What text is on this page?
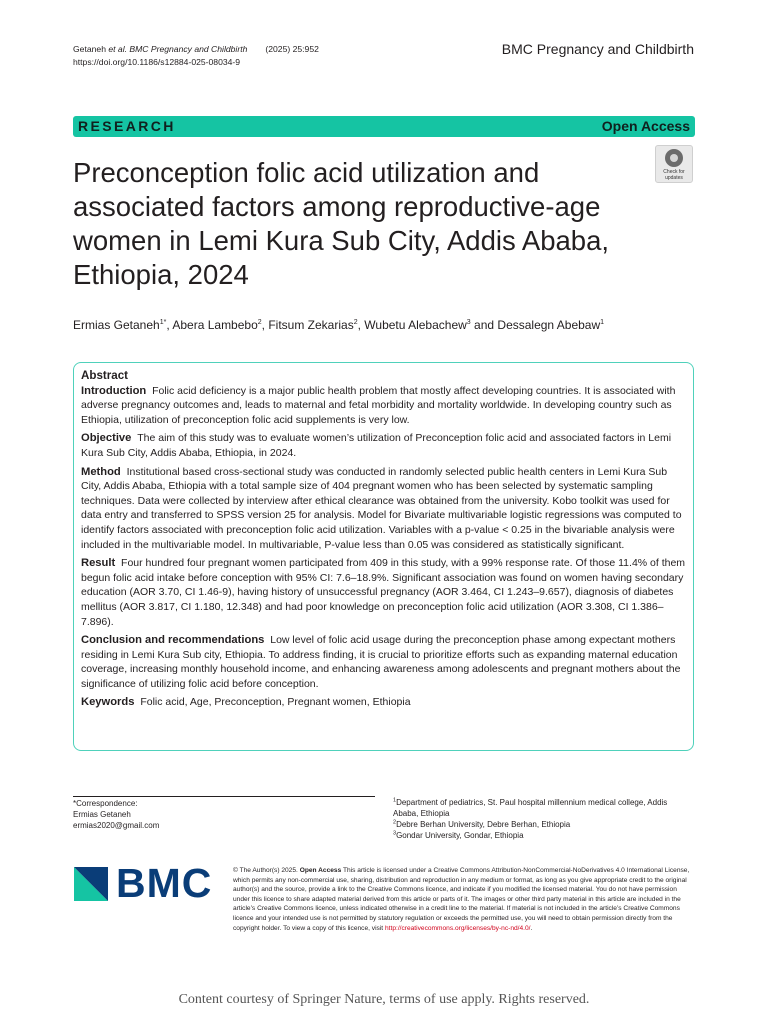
Getaneh et al. BMC Pregnancy and Childbirth (2025) 25:952
https://doi.org/10.1186/s12884-025-08034-9
BMC Pregnancy and Childbirth
RESEARCH	Open Access
Check for
updates
Preconception folic acid utilization and associated factors among reproductive-age women in Lemi Kura Sub City, Addis Ababa, Ethiopia, 2024
Ermias Getaneh$^{1*}$, Abera Lambebo$^2$, Fitsum Zekarias$^2$, Wubetu Alebachew$^3$ and Dessalegn Abebaw$^1$
Abstract

Introduction Folic acid deficiency is a major public health problem that mostly affect developing countries. It is associated with adverse pregnancy outcomes and, leads to maternal and fetal morbidity and mortality worldwide. In developing country such as Ethiopia, utilization of preconception folic acid supplements is very low.

Objective The aim of this study was to evaluate women’s utilization of Preconception folic acid and associated factors in Lemi Kura Sub City, Addis Ababa, Ethiopia, in 2024.

Method Institutional based cross-sectional study was conducted in randomly selected public health centers in Lemi Kura Sub City, Addis Ababa, Ethiopia with a total sample size of 404 pregnant women who has been selected by systematic sampling techniques. Data were collected by interview after ethical clearance was obtained from the university. Kobo toolkit was used for data entry and transferred to SPSS version 25 for analysis. Model for Bivariate multivariable logistic regressions was computed to identify factors associated with preconception folic acid utilization. Variables with a p-value < 0.25 in the bivariable analysis were included in the multivariable model. In multivariable, P-value less than 0.05 was considered as statistically significant.

Result Four hundred four pregnant women participated from 409 in this study, with a 99% response rate. Of those 11.4% of them begun folic acid intake before conception with 95% CI: 7.6–18.9%. Significant association was found on women having secondary education (AOR 3.70, CI 1.46-9), having history of unsuccessful pregnancy (AOR 3.464, CI 1.243–9.657), diagnosis of diabetes mellitus (AOR 3.817, CI 1.180, 12.348) and had poor knowledge on preconception folic acid utilization (AOR 3.308, CI 1.386–7.896).

Conclusion and recommendations Low level of folic acid usage during the preconception phase among expectant mothers residing in Lemi Kura Sub city, Ethiopia. To address finding, it is crucial to prioritize efforts such as expanding maternal education coverage, increasing monthly household income, and enhancing awareness among adolescents and pregnant mothers about the significance of utilizing folic acid before conception.

Keywords Folic acid, Age, Preconception, Pregnant women, Ethiopia

*Correspondence:
Ermias Getaneh
ermias2020@gmail.com
$^1$Department of pediatrics, St. Paul hospital millennium medical college, Addis Ababa, Ethiopia
$^2$Debre Berhan University, Debre Berhan, Ethiopia
$^3$Gondar University, Gondar, Ethiopia
BMC	© The Author(s) 2025. Open Access This article is licensed under a Creative Commons Attribution-NonCommercial-NoDerivatives 4.0 International License, which permits any non-commercial use, sharing, distribution and reproduction in any medium or format, as long as you give appropriate credit to the original author(s) and the source, provide a link to the Creative Commons licence, and indicate if you modified the licensed material. You do not have permission under this licence to share adapted material derived from this article or parts of it. The images or other third party material in this article are included in the article’s Creative Commons licence, unless indicated otherwise in a credit line to the material. If material is not included in the article’s Creative Commons licence and your intended use is not permitted by statutory regulation or exceeds the permitted use, you will need to obtain permission directly from the copyright holder. To view a copy of this licence, visit http://creativecommons.org/licenses/by-nc-nd/4.0/.
Content courtesy of Springer Nature, terms of use apply. Rights reserved.
